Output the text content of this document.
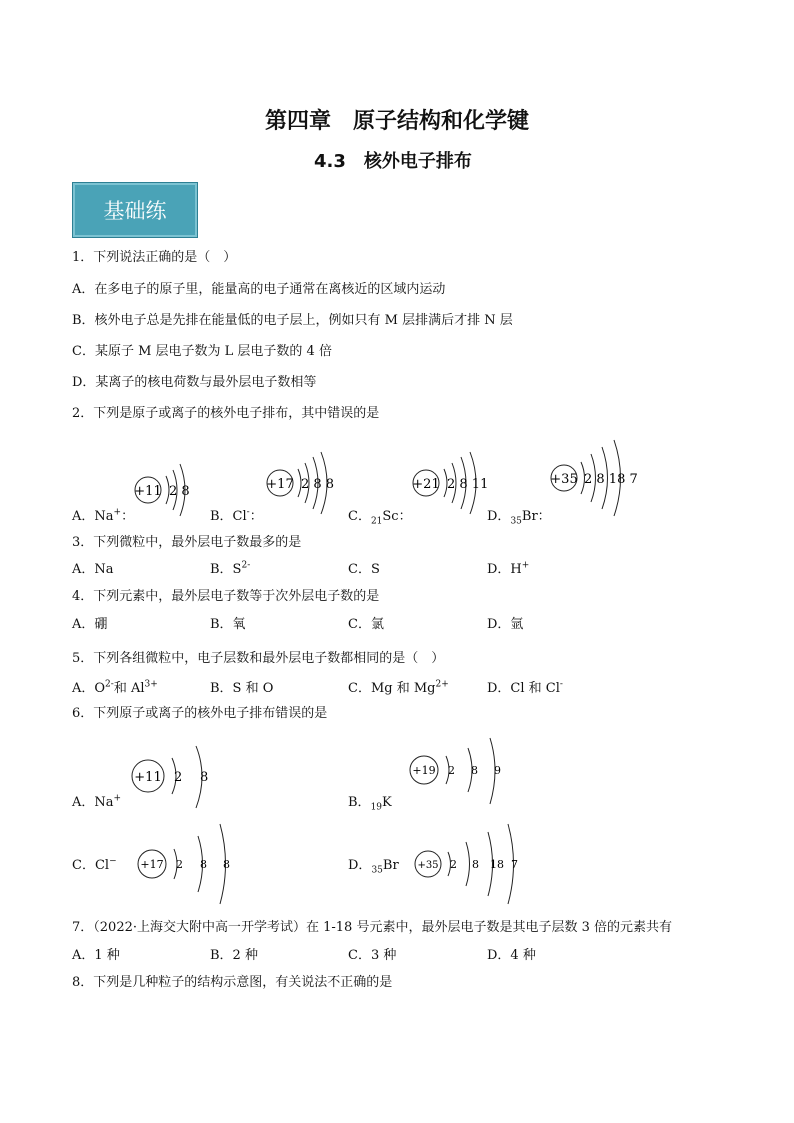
第四章　原子结构和化学键
4.3　核外电子排布
基础练
1．下列说法正确的是（　）
A．在多电子的原子里，能量高的电子通常在离核近的区域内运动
B．核外电子总是先排在能量低的电子层上，例如只有 M 层排满后才排 N 层
C．某原子 M 层电子数为 L 层电子数的 4 倍
D．某离子的核电荷数与最外层电子数相等
2．下列是原子或离子的核外电子排布，其中错误的是
+11 2 8	+17 2 8 8	+21 2 8 11	+35 2 8 18 7
A．Na+：	B．Cl-：	C．$_{21}$Sc：	D．$_{35}$Br：
3．下列微粒中，最外层电子数最多的是
A．Na	B．$S^{2-}$	C．S	D．H+
4．下列元素中，最外层电子数等于次外层电子数的是
A．硼	B．氧	C．氯	D．氩
5．下列各组微粒中，电子层数和最外层电子数都相同的是（　）
A．$O^{2-}$和 $Al^{3+}$	B．S 和 O	C．Mg 和 $Mg^{2+}$	D．Cl 和 Cl-
6．下列原子或离子的核外电子排布错误的是
+11 2 8
A．Na+
+19 2 8 9
B．$_{19}$K
+17 2 8 8
C．Cl−	+35 2 8 18 7
D．$_{35}$Br
7．（2022·上海交大附中高一开学考试）在 1-18 号元素中，最外层电子数是其电子层数 3 倍的元素共有
A．1 种	B．2 种	C．3 种	D．4 种
8．下列是几种粒子的结构示意图，有关说法不正确的是
